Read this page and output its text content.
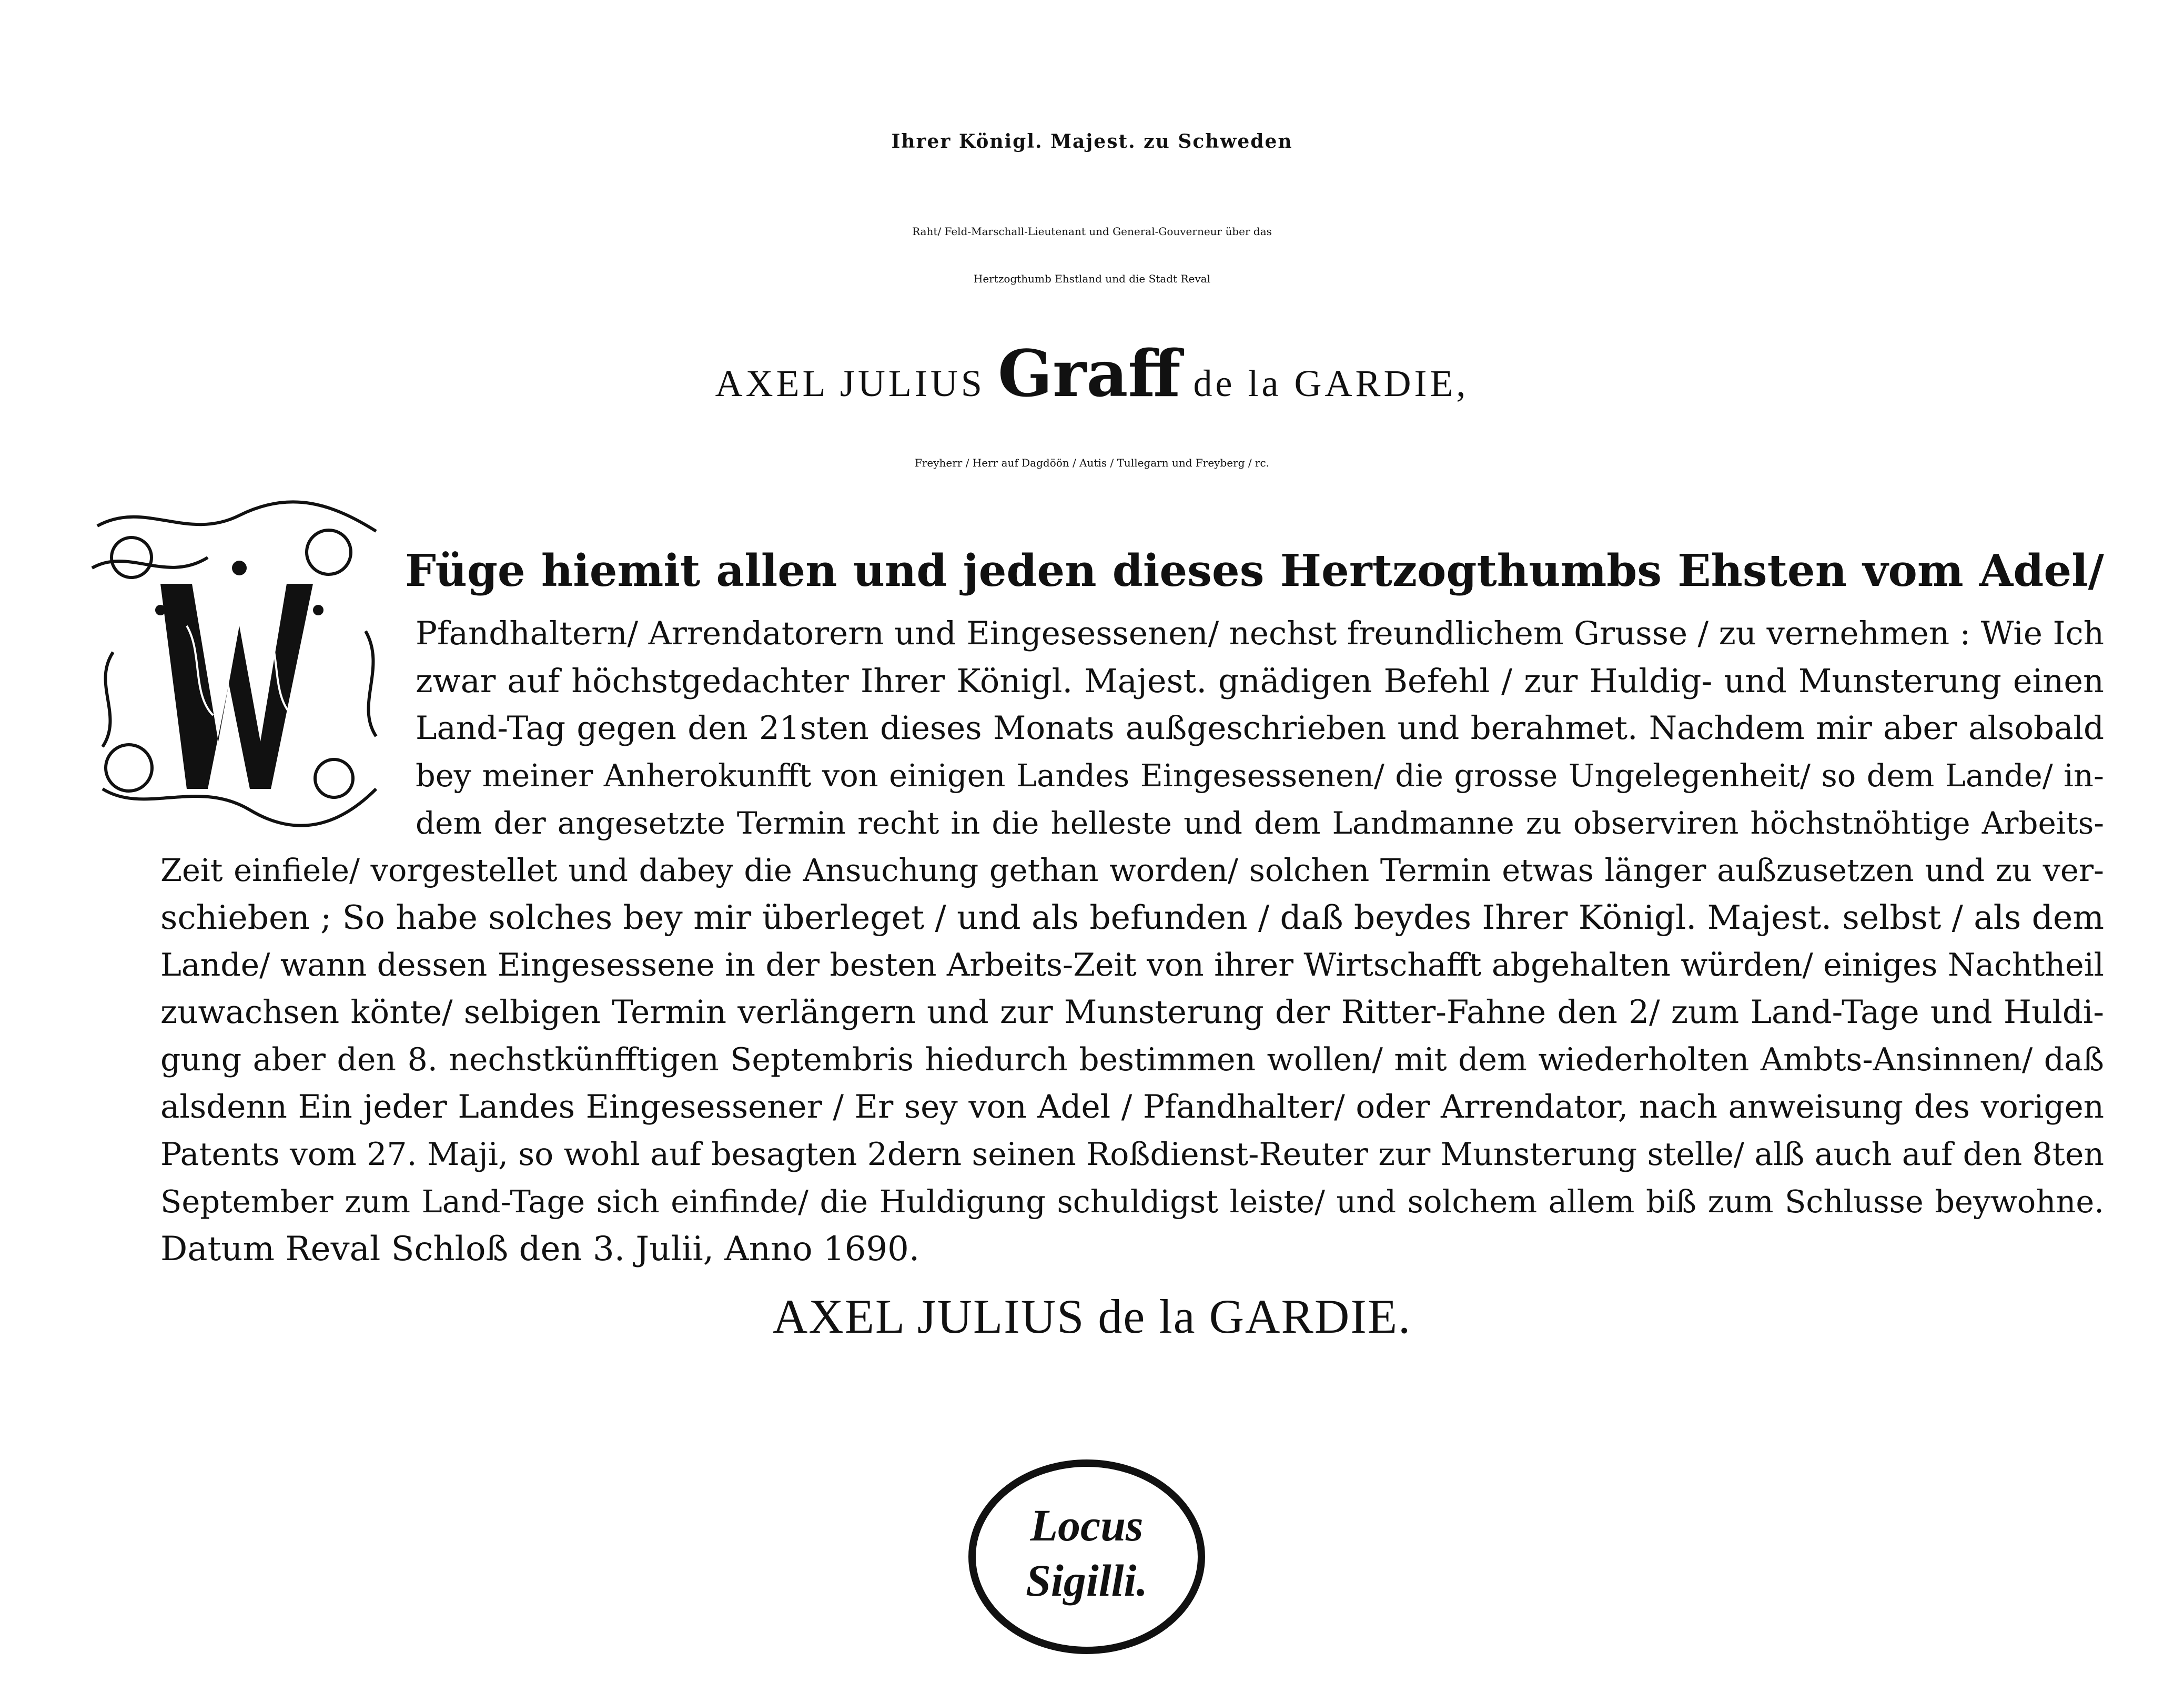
Ihrer Königl. Majest. zu Schweden
Raht/ Feld-Marschall-Lieutenant und General-Gouverneur über das
Hertzogthumb Ehstland und die Stadt Reval
AXEL JULIUS Graff de la GARDIE,
Freyherr / Herr auf Dagdöön / Autis / Tullegarn und Freyberg / rc.
Füge hiemit allen und jeden dieses Hertzogthumbs Ehsten vom Adel/
Pfandhaltern/ Arrendatorern und Eingesessenen/ nechst freundlichem Grusse / zu vernehmen : Wie Ich
zwar auf höchstgedachter Ihrer Königl. Majest. gnädigen Befehl / zur Huldig- und Munsterung einen
Land-Tag gegen den 21sten dieses Monats außgeschrieben und berahmet. Nachdem mir aber alsobald
bey meiner Anherokunfft von einigen Landes Eingesessenen/ die grosse Ungelegenheit/ so dem Lande/ in-
dem der angesetzte Termin recht in die helleste und dem Landmanne zu observiren höchstnöhtige Arbeits-
Zeit einfiele/ vorgestellet und dabey die Ansuchung gethan worden/ solchen Termin etwas länger außzusetzen und zu ver-
schieben ; So habe solches bey mir überleget / und als befunden / daß beydes Ihrer Königl. Majest. selbst / als dem
Lande/ wann dessen Eingesessene in der besten Arbeits-Zeit von ihrer Wirtschafft abgehalten würden/ einiges Nachtheil
zuwachsen könte/ selbigen Termin verlängern und zur Munsterung der Ritter-Fahne den 2/ zum Land-Tage und Huldi-
gung aber den 8. nechstkünfftigen Septembris hiedurch bestimmen wollen/ mit dem wiederholten Ambts-Ansinnen/ daß
alsdenn Ein jeder Landes Eingesessener / Er sey von Adel / Pfandhalter/ oder Arrendator, nach anweisung des vorigen
Patents vom 27. Maji, so wohl auf besagten 2dern seinen Roßdienst-Reuter zur Munsterung stelle/ alß auch auf den 8ten
September zum Land-Tage sich einfinde/ die Huldigung schuldigst leiste/ und solchem allem biß zum Schlusse beywohne.
Datum Reval Schloß den 3. Julii, Anno 1690.
AXEL JULIUS de la GARDIE.
Locus
Sigilli.
